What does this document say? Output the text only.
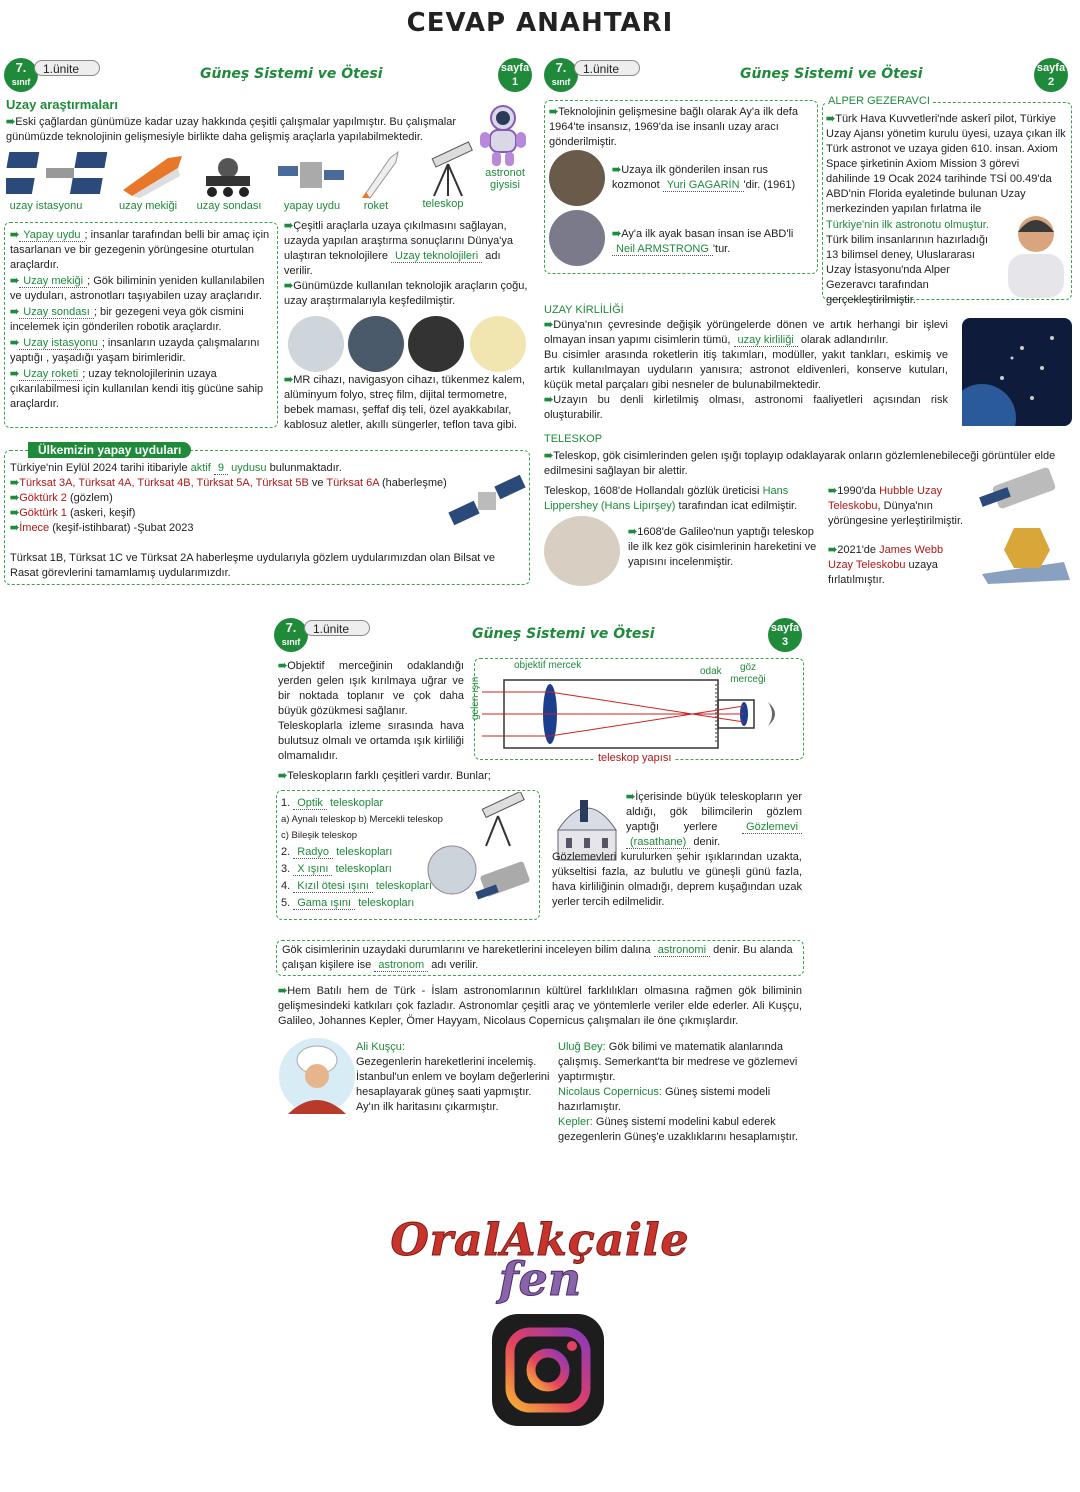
CEVAP ANAHTARI
7.
sınıf
1.ünite	Güneş Sistemi ve Ötesi	sayfa
1
Uzay araştırmaları
➠Eski çağlardan günümüze kadar uzay hakkında çeşitli çalışmalar yapılmıştır. Bu çalışmalar günümüzde teknolojinin gelişmesiyle birlikte daha gelişmiş araçlarla yapılabilmektedir.
uzay istasyonu	uzay mekiği	uzay sondası	yapay uydu	roket	teleskop
astronot giysisi
➠ Yapay uydu ; insanlar tarafından belli bir amaç için tasarlanan ve bir gezegenin yörüngesine oturtulan araçlardır.
➠ Uzay mekiği ; Gök biliminin yeniden kullanılabilen ve uyduları, astronotları taşıyabilen uzay araçlarıdır.
➠ Uzay sondası ; bir gezegeni veya gök cismini incelemek için gönderilen robotik araçlardır.
➠ Uzay istasyonu ; insanların uzayda çalışmalarını yaptığı , yaşadığı yaşam birimleridir.
➠ Uzay roketi ; uzay teknolojilerinin uzaya çıkarılabilmesi için kullanılan kendi itiş gücüne sahip araçlardır.
➠Çeşitli araçlarla uzaya çıkılmasını sağlayan, uzayda yapılan araştırma sonuçlarını Dünya'ya ulaştıran teknolojilere Uzay teknolojileri adı verilir.
➠Günümüzde kullanılan teknolojik araçların çoğu, uzay araştırmalarıyla keşfedilmiştir.
➠MR cihazı, navigasyon cihazı, tükenmez kalem, alüminyum folyo, streç film, dijital termometre, bebek maması, şeffaf diş teli, özel ayakkabılar, kablosuz aletler, akıllı süngerler, teflon tava gibi.
Ülkemizin yapay uyduları
Türkiye'nin Eylül 2024 tarihi itibariyle aktif 9 uydusu bulunmaktadır.
➠Türksat 3A, Türksat 4A, Türksat 4B, Türksat 5A, Türksat 5B ve Türksat 6A (haberleşme)
➠Göktürk 2 (gözlem)
➠Göktürk 1 (askeri, keşif)
➠İmece (keşif-istihbarat) -Şubat 2023
Türksat 1B, Türksat 1C ve Türksat 2A haberleşme uydularıyla gözlem uydularımızdan olan Bilsat ve Rasat görevlerini tamamlamış uydularımızdır.
7.
sınıf
1.ünite	Güneş Sistemi ve Ötesi	sayfa
2
➠Teknolojinin gelişmesine bağlı olarak Ay'a ilk defa 1964'te insansız, 1969'da ise insanlı uzay aracı gönderilmiştir.
➠Uzaya ilk gönderilen insan rus kozmonot Yuri GAGARİN 'dir. (1961)
➠Ay'a ilk ayak basan insan ise ABD'li Neil ARMSTRONG 'tur.
ALPER GEZERAVCI
➠Türk Hava Kuvvetleri'nde askerî pilot, Türkiye Uzay Ajansı yönetim kurulu üyesi, uzaya çıkan ilk Türk astronot ve uzaya giden 610. insan. Axiom Space şirketinin Axiom Mission 3 görevi dahilinde 19 Ocak 2024 tarihinde TSİ 00.49'da ABD'nin Florida eyaletinde bulunan Uzay merkezinden yapılan fırlatma ile
Türkiye'nin ilk astronotu olmuştur.
Türk bilim insanlarının hazırladığı 13 bilimsel deney, Uluslararası Uzay İstasyonu'nda Alper Gezeravcı tarafından gerçekleştirilmiştir.
UZAY KİRLİLİĞİ
➠Dünya'nın çevresinde değişik yörüngelerde dönen ve artık herhangi bir işlevi olmayan insan yapımı cisimlerin tümü, uzay kirliliği olarak adlandırılır.
Bu cisimler arasında roketlerin itiş takımları, modüller, yakıt tankları, eskimiş ve artık kullanılmayan uyduların yanısıra; astronot eldivenleri, konserve kutuları, küçük metal parçaları gibi nesneler de bulunabilmektedir.
➠Uzayın bu denli kirletilmiş olması, astronomi faaliyetleri açısından risk oluşturabilir.
TELESKOP
➠Teleskop, gök cisimlerinden gelen ışığı toplayıp odaklayarak onların gözlemlenebileceği görüntüler elde edilmesini sağlayan bir alettir.
Teleskop, 1608'de Hollandalı gözlük üreticisi Hans Lippershey (Hans Lipırşey) tarafından icat edilmiştir.
➠1608'de Galileo'nun yaptığı teleskop ile ilk kez gök cisimlerinin hareketini ve yapısını incelenmiştir.
➠1990'da Hubble Uzay Teleskobu, Dünya'nın yörüngesine yerleştirilmiştir.
➠2021'de James Webb Uzay Teleskobu uzaya fırlatılmıştır.
7.
sınıf
1.ünite	Güneş Sistemi ve Ötesi	sayfa
3
➠Objektif merceğinin odaklandığı yerden gelen ışık kırılmaya uğrar ve bir noktada toplanır ve çok daha büyük gözükmesi sağlanır.
Teleskoplarla izleme sırasında hava bulutsuz olmalı ve ortamda ışık kirliliği olmamalıdır.
objektif mercek
odak	göz merceği
gelen ışın
teleskop yapısı
➠Teleskopların farklı çeşitleri vardır. Bunlar;
1. Optik teleskoplar
a) Aynalı teleskop b) Mercekli teleskop
c) Bileşik teleskop
2. Radyo teleskopları
3. X ışını teleskopları
4. Kızıl ötesi ışını teleskopları
5. Gama ışını teleskopları
➠İçerisinde büyük teleskopların yer aldığı, gök bilimcilerin gözlem yaptığı yerlere	Gözlemevi (rasathane) denir.
Gözlemevleri kurulurken şehir ışıklarından uzakta, yükseltisi fazla, az bulutlu ve güneşli günü fazla, hava kirliliğinin olmadığı, deprem kuşağından uzak yerler tercih edilmelidir.
Gök cisimlerinin uzaydaki durumlarını ve hareketlerini inceleyen bilim dalına astronomi denir. Bu alanda çalışan kişilere ise astronom adı verilir.
➠Hem Batılı hem de Türk - İslam astronomlarının kültürel farklılıkları olmasına rağmen gök biliminin gelişmesindeki katkıları çok fazladır. Astronomlar çeşitli araç ve yöntemlerle veriler elde ederler. Ali Kuşçu, Galileo, Johannes Kepler, Ömer Hayyam, Nicolaus Copernicus çalışmaları ile öne çıkmışlardır.
Ali Kuşçu:
Gezegenlerin hareketlerini incelemiş. İstanbul'un enlem ve boylam değerlerini hesaplayarak güneş saati yapmıştır. Ay'ın ilk haritasını çıkarmıştır.
Uluğ Bey: Gök bilimi ve matematik alanlarında çalışmış. Semerkant'ta bir medrese ve gözlemevi yaptırmıştır.
Nicolaus Copernicus: Güneş sistemi modeli hazırlamıştır.
Kepler: Güneş sistemi modelini kabul ederek gezegenlerin Güneş'e uzaklıklarını hesaplamıştır.
OralAkçaile
fen
